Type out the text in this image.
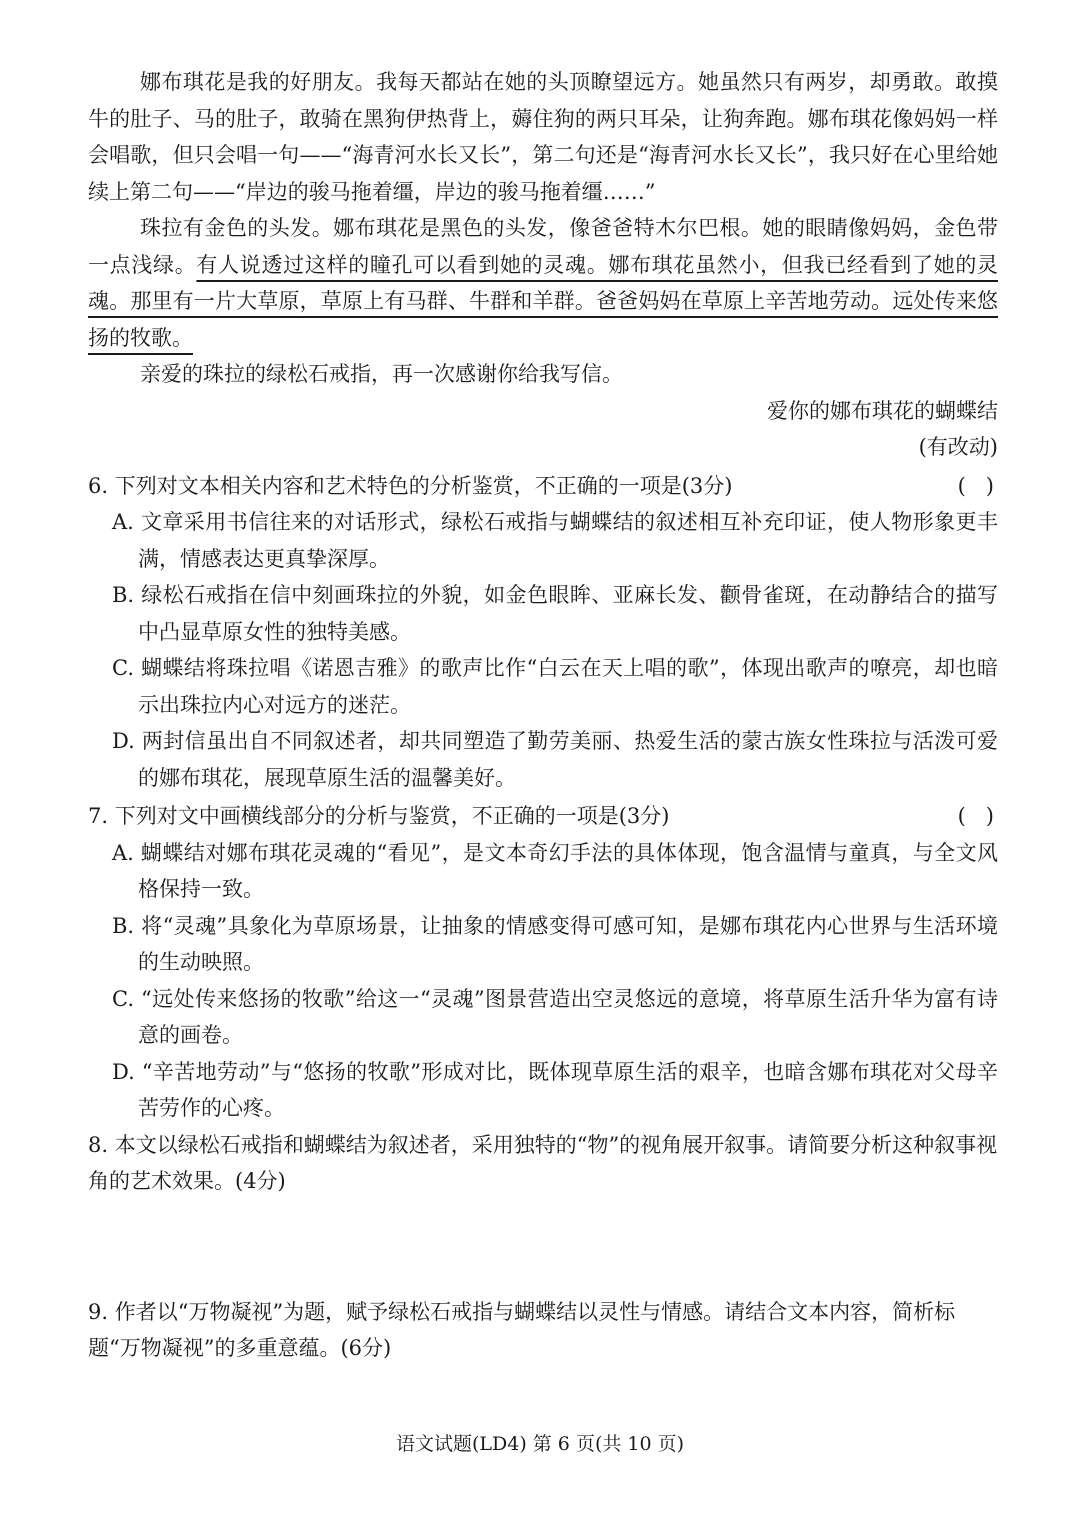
娜布琪花是我的好朋友。我每天都站在她的头顶瞭望远方。她虽然只有两岁，却勇敢。敢摸牛的肚子、马的肚子，敢骑在黑狗伊热背上，薅住狗的两只耳朵，让狗奔跑。娜布琪花像妈妈一样会唱歌，但只会唱一句——“海青河水长又长”，第二句还是“海青河水长又长”，我只好在心里给她续上第二句——“岸边的骏马拖着缰，岸边的骏马拖着缰……”

珠拉有金色的头发。娜布琪花是黑色的头发，像爸爸特木尔巴根。她的眼睛像妈妈，金色带一点浅绿。有人说透过这样的瞳孔可以看到她的灵魂。娜布琪花虽然小，但我已经看到了她的灵魂。那里有一片大草原，草原上有马群、牛群和羊群。爸爸妈妈在草原上辛苦地劳动。远处传来悠扬的牧歌。

亲爱的珠拉的绿松石戒指，再一次感谢你给我写信。

爱你的娜布琪花的蝴蝶结

(有改动)

6. 下列对文本相关内容和艺术特色的分析鉴赏，不正确的一项是(3分)	(   )

A. 文章采用书信往来的对话形式，绿松石戒指与蝴蝶结的叙述相互补充印证，使人物形象更丰满，情感表达更真挚深厚。

B. 绿松石戒指在信中刻画珠拉的外貌，如金色眼眸、亚麻长发、颧骨雀斑，在动静结合的描写中凸显草原女性的独特美感。

C. 蝴蝶结将珠拉唱《诺恩吉雅》的歌声比作“白云在天上唱的歌”，体现出歌声的嘹亮，却也暗示出珠拉内心对远方的迷茫。

D. 两封信虽出自不同叙述者，却共同塑造了勤劳美丽、热爱生活的蒙古族女性珠拉与活泼可爱的娜布琪花，展现草原生活的温馨美好。

7. 下列对文中画横线部分的分析与鉴赏，不正确的一项是(3分)	(   )

A. 蝴蝶结对娜布琪花灵魂的“看见”，是文本奇幻手法的具体体现，饱含温情与童真，与全文风格保持一致。

B. 将“灵魂”具象化为草原场景，让抽象的情感变得可感可知，是娜布琪花内心世界与生活环境的生动映照。

C. “远处传来悠扬的牧歌”给这一“灵魂”图景营造出空灵悠远的意境，将草原生活升华为富有诗意的画卷。

D. “辛苦地劳动”与“悠扬的牧歌”形成对比，既体现草原生活的艰辛，也暗含娜布琪花对父母辛苦劳作的心疼。

8. 本文以绿松石戒指和蝴蝶结为叙述者，采用独特的“物”的视角展开叙事。请简要分析这种叙事视角的艺术效果。(4分)

9. 作者以“万物凝视”为题，赋予绿松石戒指与蝴蝶结以灵性与情感。请结合文本内容，简析标题“万物凝视”的多重意蕴。(6分)

语文试题(LD4) 第 6 页(共 10 页)
